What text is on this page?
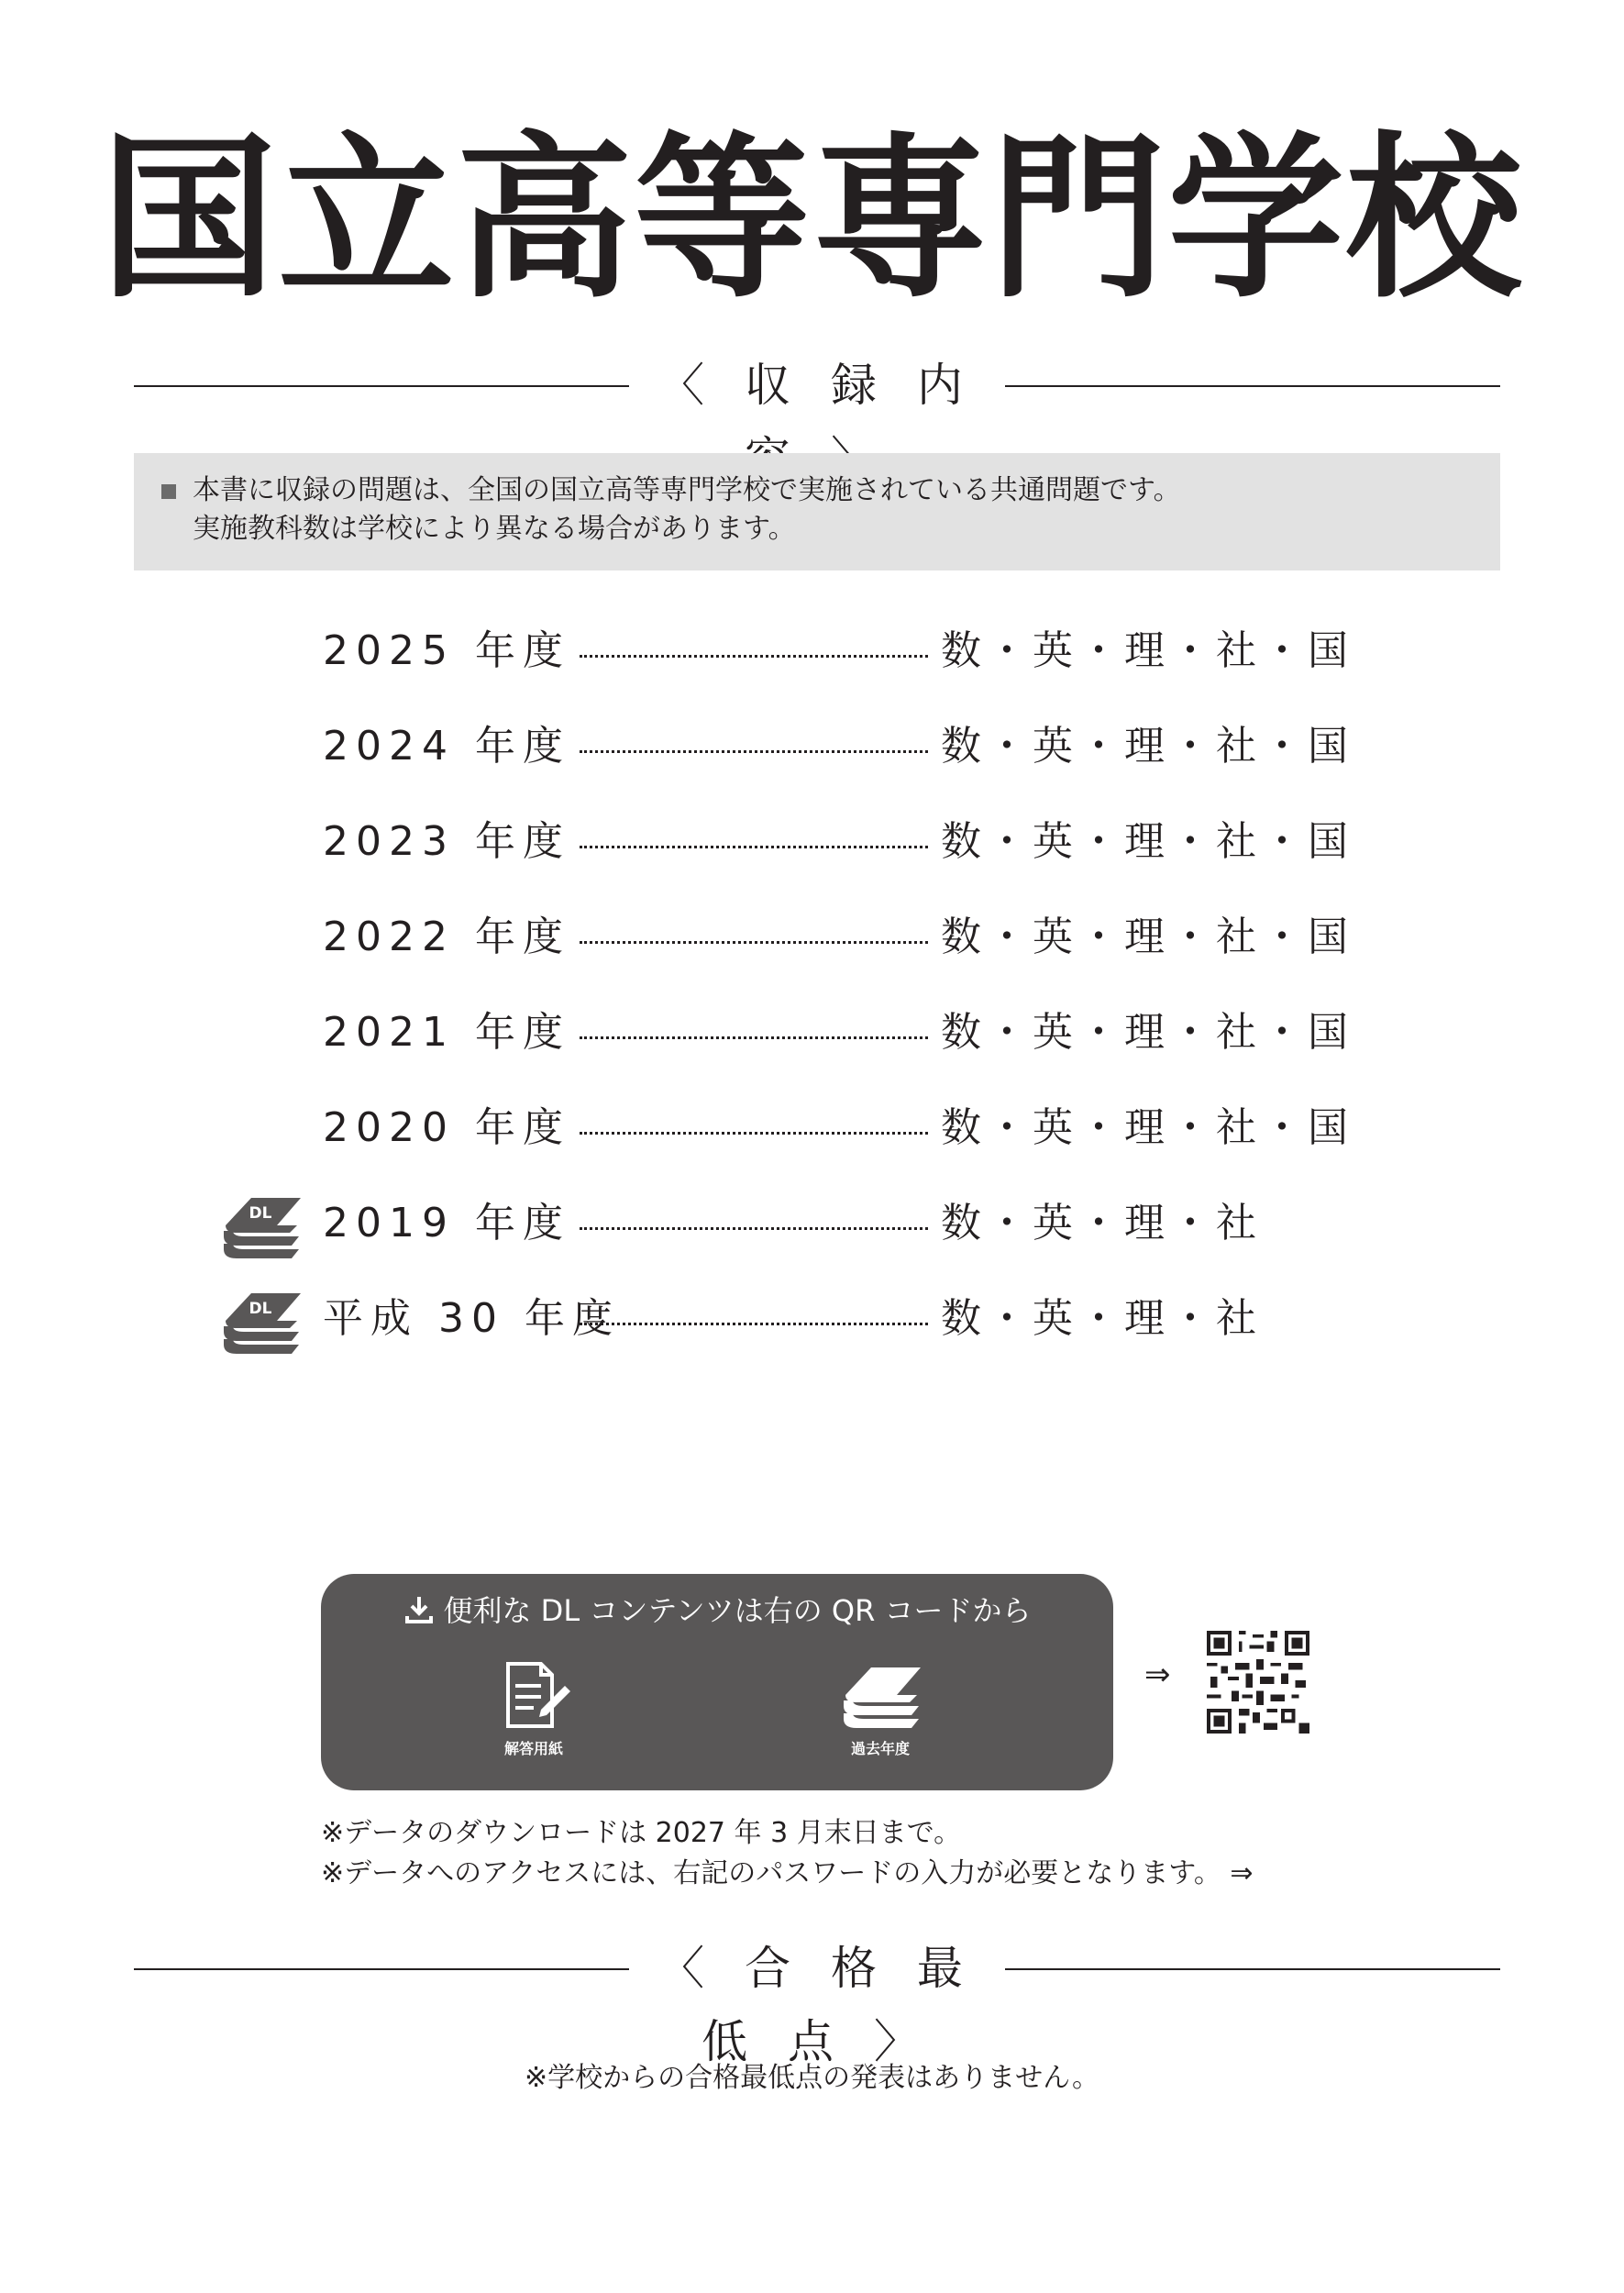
国立高等専門学校
〈 収 録 内
本書に収録の問題は、全国の国立高等専門学校で実施されている共通問題です。
実施教科数は学校により異なる場合があります。
2025 年度	数・英・理・社・国
2024 年度	数・英・理・社・国
2023 年度	数・英・理・社・国
2022 年度	数・英・理・社・国
2021 年度	数・英・理・社・国
2020 年度	数・英・理・社・国
DL 2019 年度	数・英・理・社
DL 平成 30 年度	数・英・理・社
便利な DL コンテンツは右の QR コードから
解答用紙	過去年度
⇒
※データのダウンロードは 2027 年 3 月末日まで。
※データへのアクセスには、右記のパスワードの入力が必要となります。 ⇒
〈 合 格 最 低 点 〉
※学校からの合格最低点の発表はありません。
